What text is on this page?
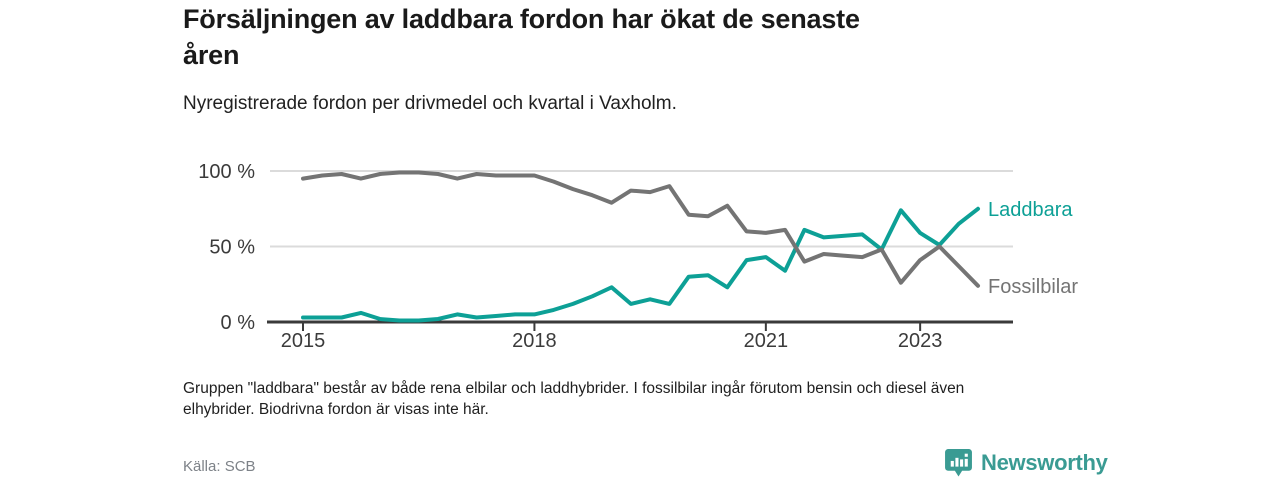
Försäljningen av laddbara fordon har ökat de senaste
åren
Nyregistrerade fordon per drivmedel och kvartal i Vaxholm.
0 %
50 %
100 %
2015	2018	2021	2023
Laddbara
Fossilbilar
Gruppen "laddbara" består av både rena elbilar och laddhybrider. I fossilbilar ingår förutom bensin och diesel även
elhybrider. Biodrivna fordon är visas inte här.
Källa: SCB	Newsworthy
